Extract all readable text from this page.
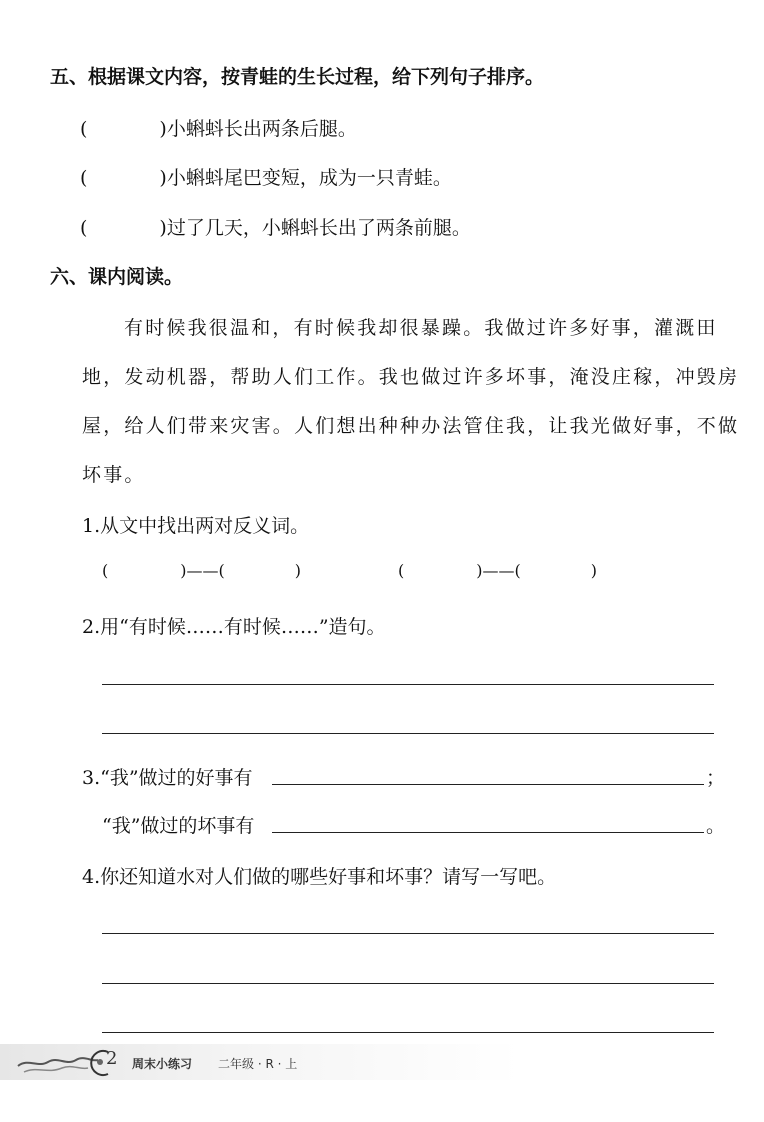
五、根据课文内容，按青蛙的生长过程，给下列句子排序。
(	)小蝌蚪长出两条后腿。
(	)小蝌蚪尾巴变短，成为一只青蛙。
(	)过了几天，小蝌蚪长出了两条前腿。
六、课内阅读。
有时候我很温和，有时候我却很暴躁。我做过许多好事，灌溉田
地，发动机器，帮助人们工作。我也做过许多坏事，淹没庄稼，冲毁房
屋，给人们带来灾害。人们想出种种办法管住我，让我光做好事，不做
坏事。
1.从文中找出两对反义词。
(	)——(	)	(	)——(	)
2.用“有时候……有时候……”造句。
3.“我”做过的好事有	；
“我”做过的坏事有	。
4.你还知道水对人们做的哪些好事和坏事？请写一写吧。
2 周末小练习 二年级 · R · 上
